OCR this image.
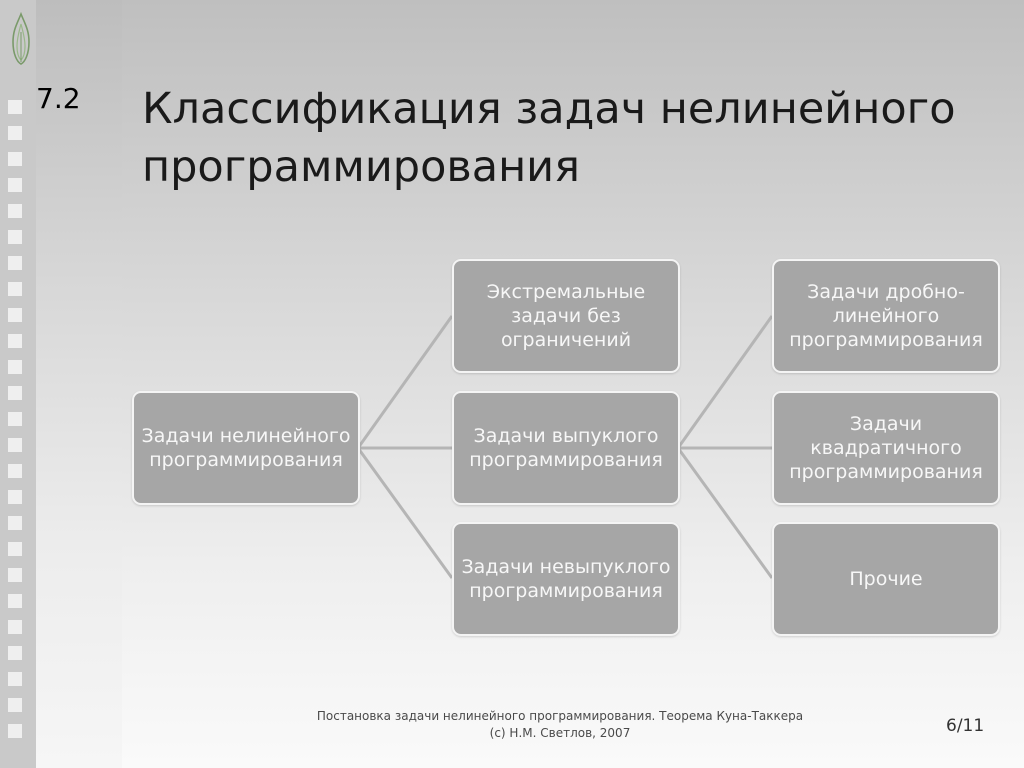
7.2 Классификация задач нелинейного программирования
Задачи нелинейного программирования
Экстремальные задачи без ограничений
Задачи выпуклого программирования
Задачи невыпуклого программирования
Задачи дробно-линейного программирования
Задачи квадратичного программирования
Прочие
Постановка задачи нелинейного программирования. Теорема Куна-Таккера
(с) Н.М. Светлов, 2007	6/11
